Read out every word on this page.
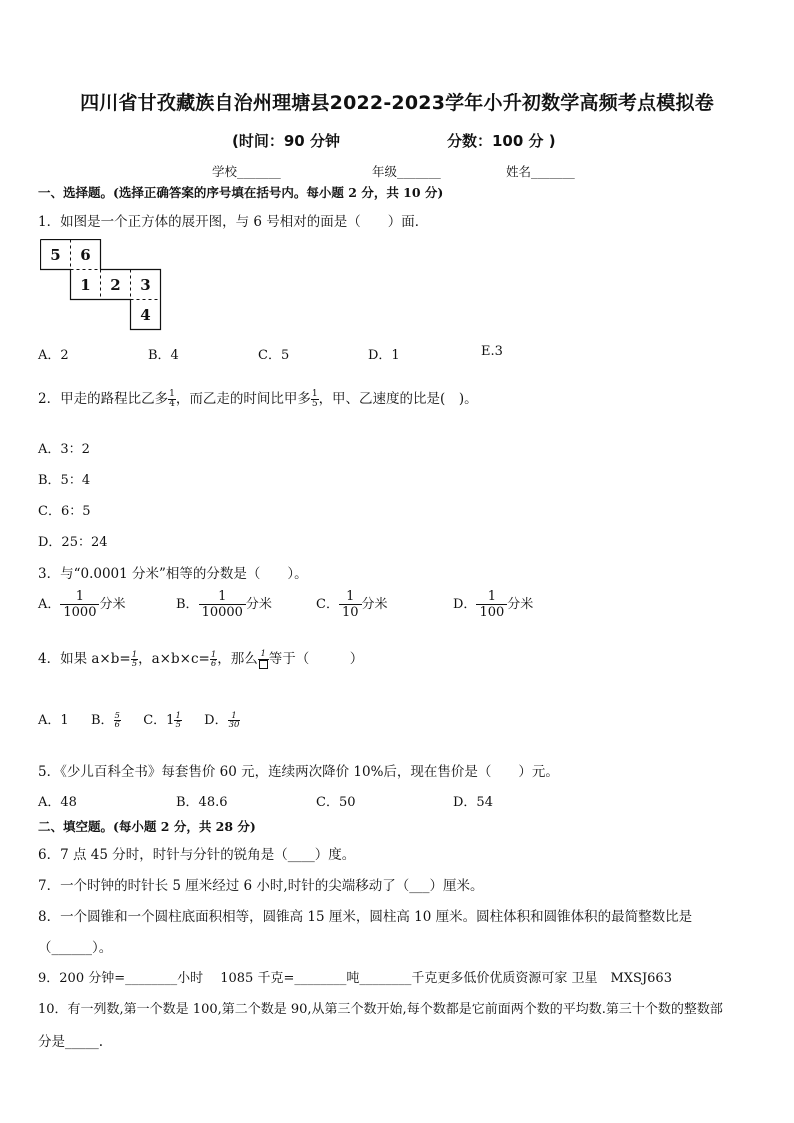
四川省甘孜藏族自治州理塘县2022-2023学年小升初数学高频考点模拟卷
(时间：90 分钟	分数：100 分 )
学校_______	年级_______	姓名_______
一、选择题。(选择正确答案的序号填在括号内。每小题 2 分，共 10 分)
1．如图是一个正方体的展开图，与 6 号相对的面是（　　）面．
5	6
1	2	3
4
A．2	B．4	C．5	D．1	E.3
2．甲走的路程比乙多 $\frac{1}{4}$ ，而乙走的时间比甲多 $\frac{1}{5}$ ，甲、乙速度的比是(　)。
A．3：2
B．5：4
C．6：5
D．25：24
3．与“0.0001 分米”相等的分数是（　　）。
A． $\frac{1}{1000}$ 分米	B． $\frac{1}{10000}$ 分米	C． $\frac{1}{10}$ 分米	D． $\frac{1}{100}$ 分米
4．如果 $a\times b= \frac{1}{5}$ ，$a\times b\times c= \frac{1}{6}$ ，那么 1 等于（　　　）
A．1 B． $\frac{5}{6}$ C．$1 \frac{1}{5}$ D． $\frac{1}{30}$
5．《少儿百科全书》每套售价 60 元，连续两次降价 10%后，现在售价是（　　）元。
A．48	B．48.6	C．50	D．54
二、填空题。(每小题 2 分，共 28 分)
6．7 点 45 分时，时针与分针的锐角是（____）度。
7．一个时钟的时针长 5 厘米经过 6 小时,时针的尖端移动了（___）厘米。
8．一个圆锥和一个圆柱底面积相等，圆锥高 15 厘米，圆柱高 10 厘米。圆柱体积和圆锥体积的最简整数比是
（______）。
9．200 分钟=________小时　 1085 千克=________吨________千克更多低价优质资源可家 卫星　MXSJ663
10．有一列数,第一个数是 100,第二个数是 90,从第三个数开始,每个数都是它前面两个数的平均数.第三十个数的整数部
分是_____.
